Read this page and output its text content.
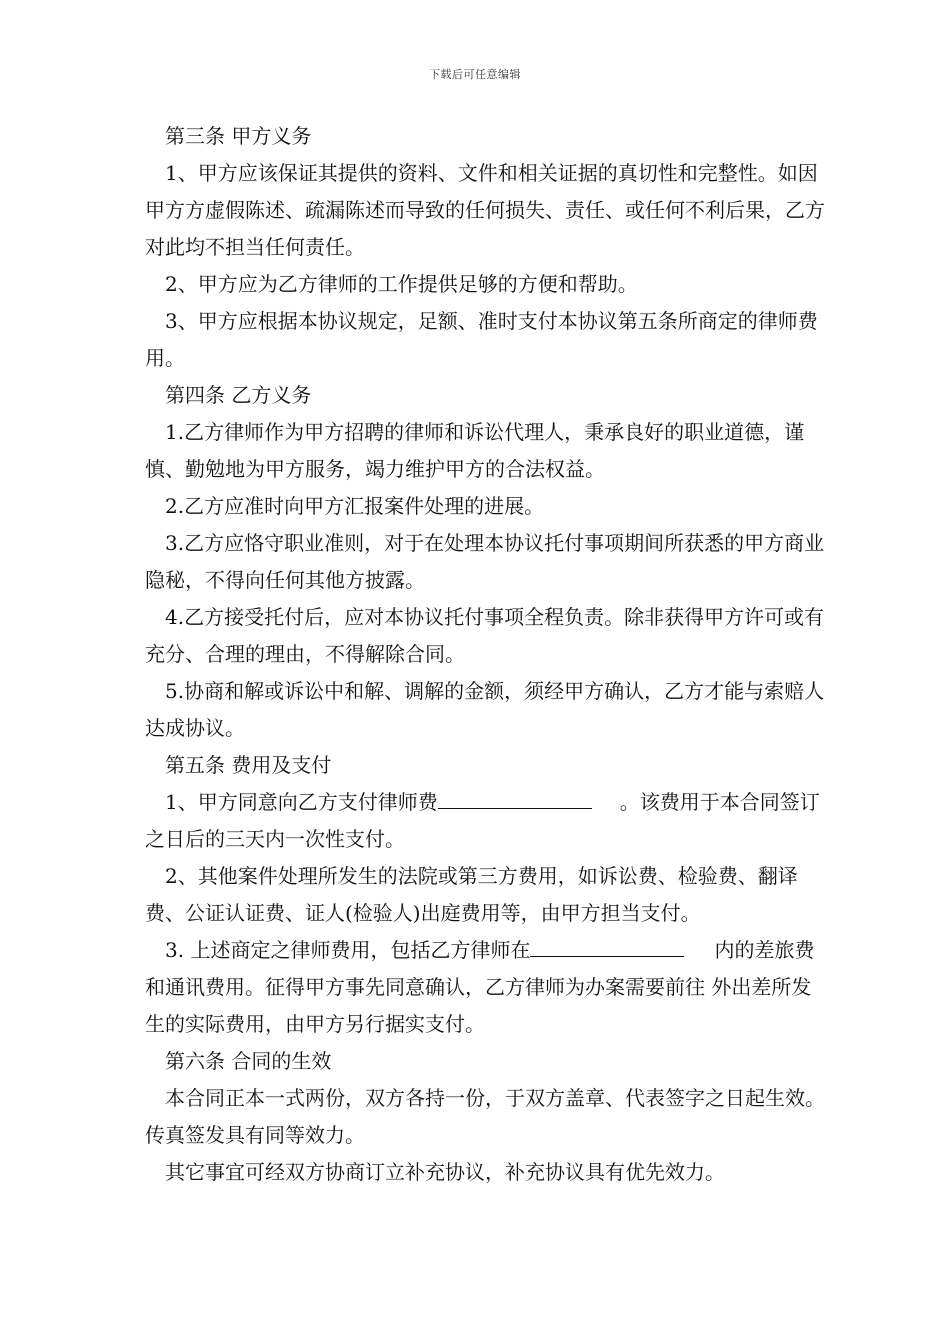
下载后可任意编辑

第三条 甲方义务

1、甲方应该保证其提供的资料、文件和相关证据的真切性和完整性。如因甲方方虚假陈述、疏漏陈述而导致的任何损失、责任、或任何不利后果，乙方对此均不担当任何责任。

2、甲方应为乙方律师的工作提供足够的方便和帮助。

3、甲方应根据本协议规定，足额、准时支付本协议第五条所商定的律师费用。

第四条 乙方义务

1.乙方律师作为甲方招聘的律师和诉讼代理人，秉承良好的职业道德，谨慎、勤勉地为甲方服务，竭力维护甲方的合法权益。

2.乙方应准时向甲方汇报案件处理的进展。

3.乙方应恪守职业准则，对于在处理本协议托付事项期间所获悉的甲方商业隐秘，不得向任何其他方披露。

4.乙方接受托付后，应对本协议托付事项全程负责。除非获得甲方许可或有充分、合理的理由，不得解除合同。

5.协商和解或诉讼中和解、调解的金额，须经甲方确认，乙方才能与索赔人达成协议。

第五条 费用及支付

1、甲方同意向乙方支付律师费	。该费用于本合同签订之日后的三天内一次性支付。

2、其他案件处理所发生的法院或第三方费用，如诉讼费、检验费、翻译费、公证认证费、证人(检验人)出庭费用等，由甲方担当支付。

3. 上述商定之律师费用，包括乙方律师在	内的差旅费和通讯费用。征得甲方事先同意确认，乙方律师为办案需要前往 外出差所发生的实际费用，由甲方另行据实支付。

第六条 合同的生效

本合同正本一式两份，双方各持一份，于双方盖章、代表签字之日起生效。传真签发具有同等效力。

其它事宜可经双方协商订立补充协议，补充协议具有优先效力。
